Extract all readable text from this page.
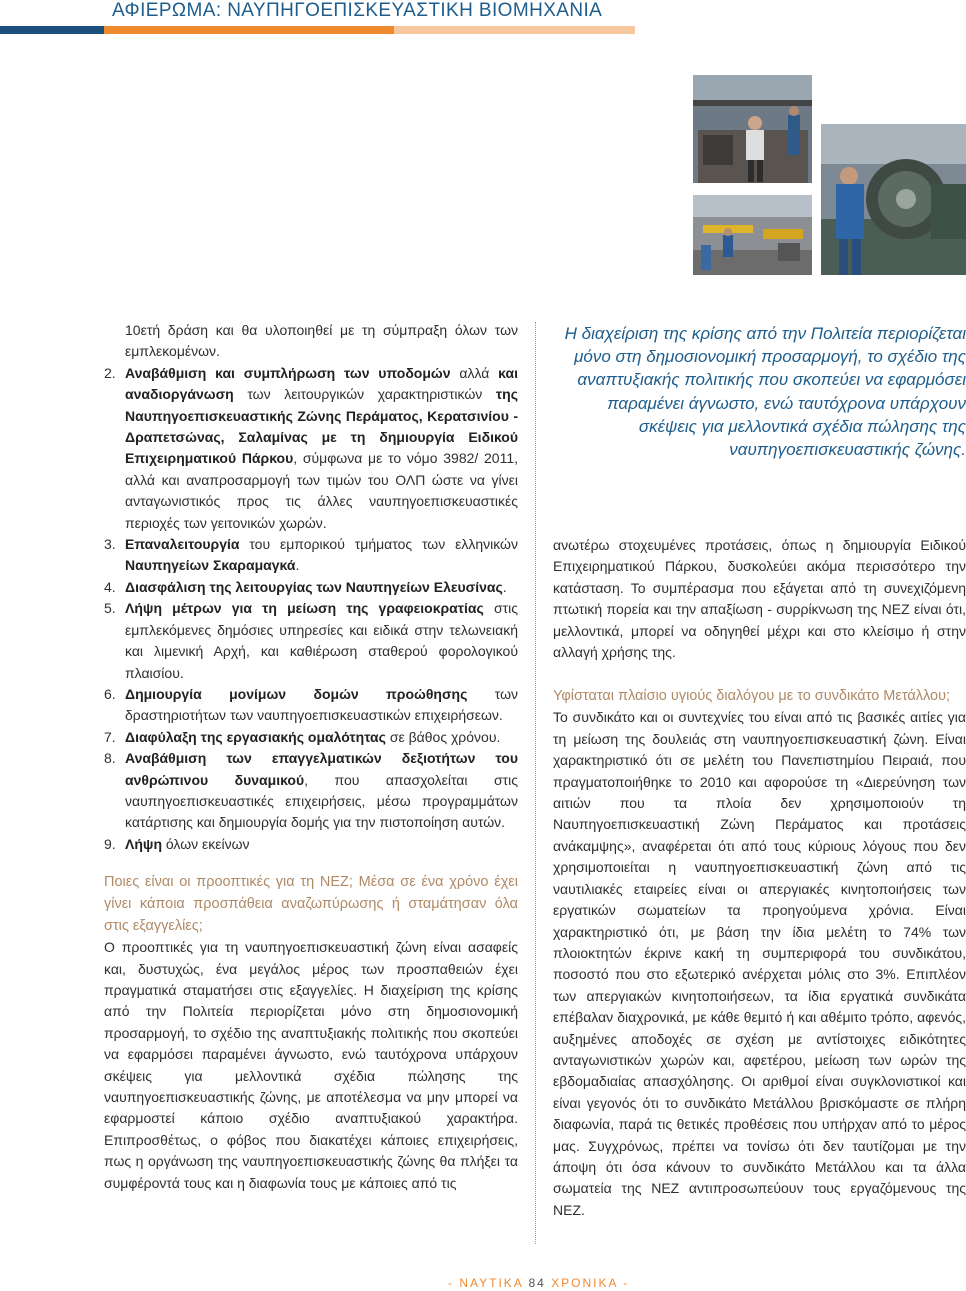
ΑΦΙΕΡΩΜΑ: ΝΑΥΠΗΓΟΕΠΙΣΚΕΥΑΣΤΙΚΗ ΒΙΟΜΗΧΑΝΙΑ

10ετή δράση και θα υλοποιηθεί με τη σύμπραξη όλων των εμπλεκομένων.

2. Αναβάθμιση και συμπλήρωση των υποδομών αλλά και αναδιοργάνωση των λειτουργικών χαρακτηριστικών της Ναυπηγοεπισκευαστικής Ζώνης Περάματος, Κερατσινίου - Δραπετσώνας, Σαλαμίνας με τη δημιουργία Ειδικού Επιχειρηματικού Πάρκου, σύμφωνα με το νόμο 3982/ 2011, αλλά και αναπροσαρμογή των τιμών του ΟΛΠ ώστε να γίνει ανταγωνιστικός προς τις άλλες ναυπηγοεπισκευαστικές περιοχές των γειτονικών χωρών.
3. Επαναλειτουργία του εμπορικού τμήματος των ελληνικών Ναυπηγείων Σκαραμαγκά.
4. Διασφάλιση της λειτουργίας των Ναυπηγείων Ελευσίνας.
5. Λήψη μέτρων για τη μείωση της γραφειοκρατίας στις εμπλεκόμενες δημόσιες υπηρεσίες και ειδικά στην τελωνειακή και λιμενική Αρχή, και καθιέρωση σταθερού φορολογικού πλαισίου.
6. Δημιουργία μονίμων δομών προώθησης των δραστηριοτήτων των ναυπηγοεπισκευαστικών επιχειρήσεων.
7. Διαφύλαξη της εργασιακής ομαλότητας σε βάθος χρόνου.
8. Αναβάθμιση των επαγγελματικών δεξιοτήτων του ανθρώπινου δυναμικού, που απασχολείται στις ναυπηγοεπισκευαστικές επιχειρήσεις, μέσω προγραμμάτων κατάρτισης και δημιουργία δομής για την πιστοποίηση αυτών.
9. Λήψη όλων εκείνων

Ποιες είναι οι προοπτικές για τη ΝΕΖ; Μέσα σε ένα χρόνο έχει γίνει κάποια προσπάθεια αναζωπύρωσης ή σταμάτησαν όλα στις εξαγγελίες;

Ο προοπτικές για τη ναυπηγοεπισκευαστική ζώνη είναι ασαφείς και, δυστυχώς, ένα μεγάλος μέρος των προσπαθειών έχει πραγματικά σταματήσει στις εξαγγελίες. Η διαχείριση της κρίσης από την Πολιτεία περιορίζεται μόνο στη δημοσιονομική προσαρμογή, το σχέδιο της αναπτυξιακής πολιτικής που σκοπεύει να εφαρμόσει παραμένει άγνωστο, ενώ ταυτόχρονα υπάρχουν σκέψεις για μελλοντικά σχέδια πώλησης της ναυπηγοεπισκευαστικής ζώνης, με αποτέλεσμα να μην μπορεί να εφαρμοστεί κάποιο σχέδιο αναπτυξιακού χαρακτήρα. Επιπροσθέτως, ο φόβος που διακατέχει κάποιες επιχειρήσεις, πως η οργάνωση της ναυπηγοεπισκευαστικής ζώνης θα πλήξει τα συμφέροντά τους και η διαφωνία τους με κάποιες από τις

Η διαχείριση της κρίσης από την Πολιτεία περιορίζεται μόνο στη δημοσιονομική προσαρμογή, το σχέδιο της αναπτυξιακής πολιτικής που σκοπεύει να εφαρμόσει παραμένει άγνωστο, ενώ ταυτόχρονα υπάρχουν σκέψεις για μελλοντικά σχέδια πώλησης της ναυπηγοεπισκευαστικής ζώνης.

ανωτέρω στοχευμένες προτάσεις, όπως η δημιουργία Ειδικού Επιχειρηματικού Πάρκου, δυσκολεύει ακόμα περισσότερο την κατάσταση. Το συμπέρασμα που εξάγεται από τη συνεχιζόμενη πτωτική πορεία και την απαξίωση - συρρίκνωση της ΝΕΖ είναι ότι, μελλοντικά, μπορεί να οδηγηθεί μέχρι και στο κλείσιμο ή στην αλλαγή χρήσης της.

Υφίσταται πλαίσιο υγιούς διαλόγου με το συνδικάτο Μετάλλου;

Το συνδικάτο και οι συντεχνίες του είναι από τις βασικές αιτίες για τη μείωση της δουλειάς στη ναυπηγοεπισκευαστική ζώνη. Είναι χαρακτηριστικό ότι σε μελέτη του Πανεπιστημίου Πειραιά, που πραγματοποιήθηκε το 2010 και αφορούσε τη «Διερεύνηση των αιτιών που τα πλοία δεν χρησιμοποιούν τη Ναυπηγοεπισκευαστική Ζώνη Περάματος και προτάσεις ανάκαμψης», αναφέρεται ότι από τους κύριους λόγους που δεν χρησιμοποιείται η ναυπηγοεπισκευαστική ζώνη από τις ναυτιλιακές εταιρείες είναι οι απεργιακές κινητοποιήσεις των εργατικών σωματείων τα προηγούμενα χρόνια. Είναι χαρακτηριστικό ότι, με βάση την ίδια μελέτη το 74% των πλοιοκτητών έκρινε κακή τη συμπεριφορά του συνδικάτου, ποσοστό που στο εξωτερικό ανέρχεται μόλις στο 3%. Επιπλέον των απεργιακών κινητοποιήσεων, τα ίδια εργατικά συνδικάτα επέβαλαν διαχρονικά, με κάθε θεμιτό ή και αθέμιτο τρόπο, αφενός, αυξημένες αποδοχές σε σχέση με αντίστοιχες ειδικότητες ανταγωνιστικών χωρών και, αφετέρου, μείωση των ωρών της εβδομαδιαίας απασχόλησης. Οι αριθμοί είναι συγκλονιστικοί και είναι γεγονός ότι το συνδικάτο Μετάλλου βρισκόμαστε σε πλήρη διαφωνία, παρά τις θετικές προθέσεις που υπήρχαν από το μέρος μας. Συγχρόνως, πρέπει να τονίσω ότι δεν ταυτίζομαι με την άποψη ότι όσα κάνουν το συνδικάτο Μετάλλου και τα άλλα σωματεία της ΝΕΖ αντιπροσωπεύουν τους εργαζόμενους της ΝΕΖ.

- ΝΑΥΤΙΚΑ 84 ΧΡΟΝΙΚΑ -
